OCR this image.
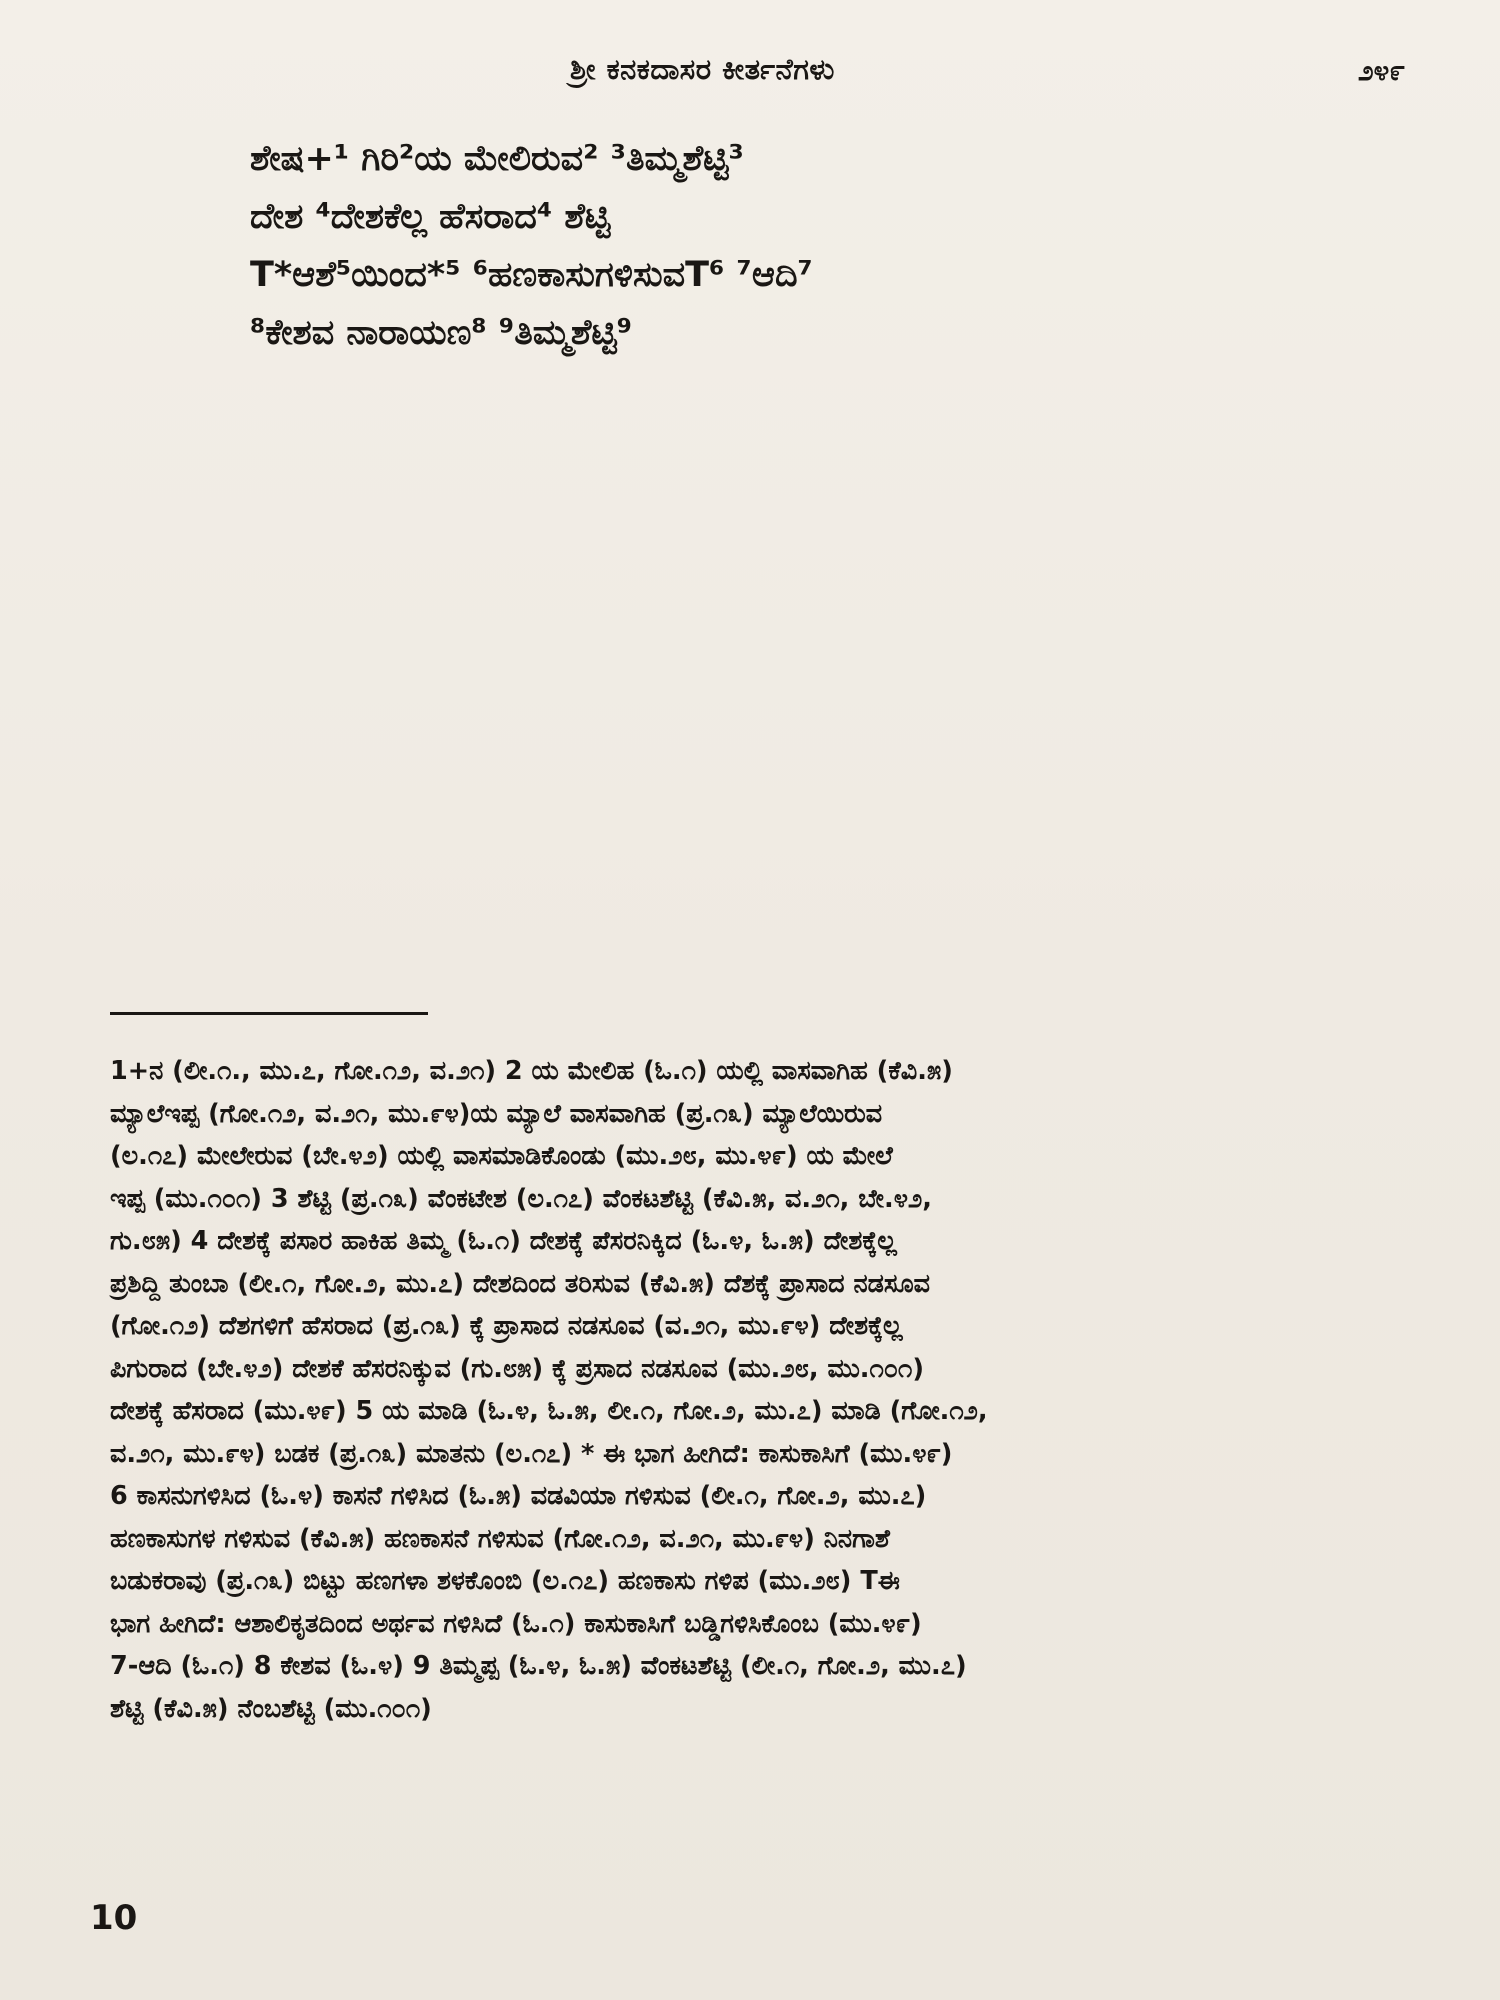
ಶ್ರೀ ಕನಕದಾಸರ ಕೀರ್ತನೆಗಳು	೨೪೯
ಶೇಷ+¹ ಗಿರಿ²ಯ ಮೇಲಿರುವ² ³ತಿಮ್ಮಶೆಟ್ಟಿ³
ದೇಶ ⁴ದೇಶಕೆಲ್ಲ ಹೆಸರಾದ⁴ ಶೆಟ್ಟಿ
T*ಆಶೆ⁵ಯಿಂದ*⁵ ⁶ಹಣಕಾಸುಗಳಿಸುವT⁶ ⁷ಆದಿ⁷
⁸ಕೇಶವ ನಾರಾಯಣ⁸ ⁹ತಿಮ್ಮಶೆಟ್ಟಿ⁹
1+ನ (ಲೀ.೧., ಮು.೭, ಗೋ.೧೨, ವ.೨೧) 2 ಯ ಮೇಲಿಹ (ಓ.೧) ಯಲ್ಲಿ ವಾಸವಾಗಿಹ (ಕೆವಿ.೫)
ಮ್ಯಾಲೆಇಪ್ಪ (ಗೋ.೧೨, ವ.೨೧, ಮು.೯೪)ಯ ಮ್ಯಾಲೆ ವಾಸವಾಗಿಹ (ಪ್ರ.೧೩) ಮ್ಯಾಲೆಯಿರುವ
(ಲ.೧೭) ಮೇಲೇರುವ (ಬೇ.೪೨) ಯಲ್ಲಿ ವಾಸಮಾಡಿಕೊಂಡು (ಮು.೨೮, ಮು.೪೯) ಯ ಮೇಲೆ
ಇಪ್ಪ (ಮು.೧೦೧) 3 ಶೆಟ್ಟಿ (ಪ್ರ.೧೩) ವೆಂಕಟೇಶ (ಲ.೧೭) ವೆಂಕಟಶೆಟ್ಟಿ (ಕೆವಿ.೫, ವ.೨೧, ಬೇ.೪೨,
ಗು.೮೫) 4 ದೇಶಕ್ಕೆ ಪಸಾರ ಹಾಕಿಹ ತಿಮ್ಮ (ಓ.೧) ದೇಶಕ್ಕೆ ಪೆಸರನಿಕ್ಕಿದ (ಓ.೪, ಓ.೫) ದೇಶಕ್ಕೆಲ್ಲ
ಪ್ರಶಿದ್ದಿ ತುಂಬಾ (ಲೀ.೧, ಗೋ.೨, ಮು.೭) ದೇಶದಿಂದ ತರಿಸುವ (ಕೆವಿ.೫) ದೆಶಕ್ಕೆ ಪ್ರಾಸಾದ ನಡಸೂವ
(ಗೋ.೧೨) ದೆಶಗಳಿಗೆ ಹೆಸರಾದ (ಪ್ರ.೧೩) ಕ್ಕೆ ಪ್ರಾಸಾದ ನಡಸೂವ (ವ.೨೧, ಮು.೯೪) ದೇಶಕ್ಕೆಲ್ಲ
ಪಿಗುರಾದ (ಬೇ.೪೨) ದೇಶಕೆ ಹೆಸರನಿಕ್ಕುವ (ಗು.೮೫) ಕ್ಕೆ ಪ್ರಸಾದ ನಡಸೂವ (ಮು.೨೮, ಮು.೧೦೧)
ದೇಶಕ್ಕೆ ಹೆಸರಾದ (ಮು.೪೯) 5 ಯ ಮಾಡಿ (ಓ.೪, ಓ.೫, ಲೀ.೧, ಗೋ.೨, ಮು.೭) ಮಾಡಿ (ಗೋ.೧೨,
ವ.೨೧, ಮು.೯೪) ಬಡಕ (ಪ್ರ.೧೩) ಮಾತನು (ಲ.೧೭) * ಈ ಭಾಗ ಹೀಗಿದೆ: ಕಾಸುಕಾಸಿಗೆ (ಮು.೪೯)
6 ಕಾಸನುಗಳಿಸಿದ (ಓ.೪) ಕಾಸನೆ ಗಳಿಸಿದ (ಓ.೫) ವಡವಿಯಾ ಗಳಿಸುವ (ಲೀ.೧, ಗೋ.೨, ಮು.೭)
ಹಣಕಾಸುಗಳ ಗಳಿಸುವ (ಕೆವಿ.೫) ಹಣಕಾಸನೆ ಗಳಿಸುವ (ಗೋ.೧೨, ವ.೨೧, ಮು.೯೪) ನಿನಗಾಶೆ
ಬಡುಕರಾವು (ಪ್ರ.೧೩) ಬಿಟ್ಟು ಹಣಗಳಾ ಶಳಕೊಂಬಿ (ಲ.೧೭) ಹಣಕಾಸು ಗಳಿಪ (ಮು.೨೮) Tಈ
ಭಾಗ ಹೀಗಿದೆ: ಆಶಾಲಿಕೃತದಿಂದ ಅರ್ಥವ ಗಳಿಸಿದೆ (ಓ.೧) ಕಾಸುಕಾಸಿಗೆ ಬಡ್ಡಿಗಳಿಸಿಕೊಂಬ (ಮು.೪೯)
7-ಆದಿ (ಓ.೧) 8 ಕೇಶವ (ಓ.೪) 9 ತಿಮ್ಮಪ್ಪ (ಓ.೪, ಓ.೫) ವೆಂಕಟಶೆಟ್ಟಿ (ಲೀ.೧, ಗೋ.೨, ಮು.೭)
ಶೆಟ್ಟಿ (ಕೆವಿ.೫) ನೆಂಬಶೆಟ್ಟಿ (ಮು.೧೦೧)
10
